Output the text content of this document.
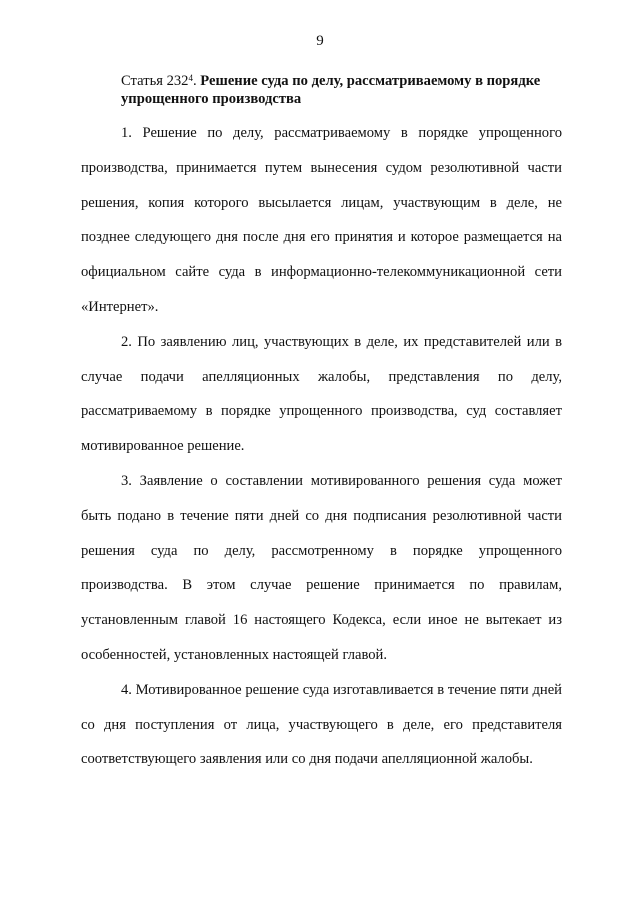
9
Статья $232^4$. Решение суда по делу, рассматриваемому в порядке упрощенного производства

1. Решение по делу, рассматриваемому в порядке упрощенного производства, принимается путем вынесения судом резолютивной части решения, копия которого высылается лицам, участвующим в деле, не позднее следующего дня после дня его принятия и которое размещается на официальном сайте суда в информационно-телекоммуникационной сети «Интернет».

2. По заявлению лиц, участвующих в деле, их представителей или в случае подачи апелляционных жалобы, представления по делу, рассматриваемому в порядке упрощенного производства, суд составляет мотивированное решение.

3. Заявление о составлении мотивированного решения суда может быть подано в течение пяти дней со дня подписания резолютивной части решения суда по делу, рассмотренному в порядке упрощенного производства. В этом случае решение принимается по правилам, установленным главой 16 настоящего Кодекса, если иное не вытекает из особенностей, установленных настоящей главой.

4. Мотивированное решение суда изготавливается в течение пяти дней со дня поступления от лица, участвующего в деле, его представителя соответствующего заявления или со дня подачи апелляционной жалобы.
